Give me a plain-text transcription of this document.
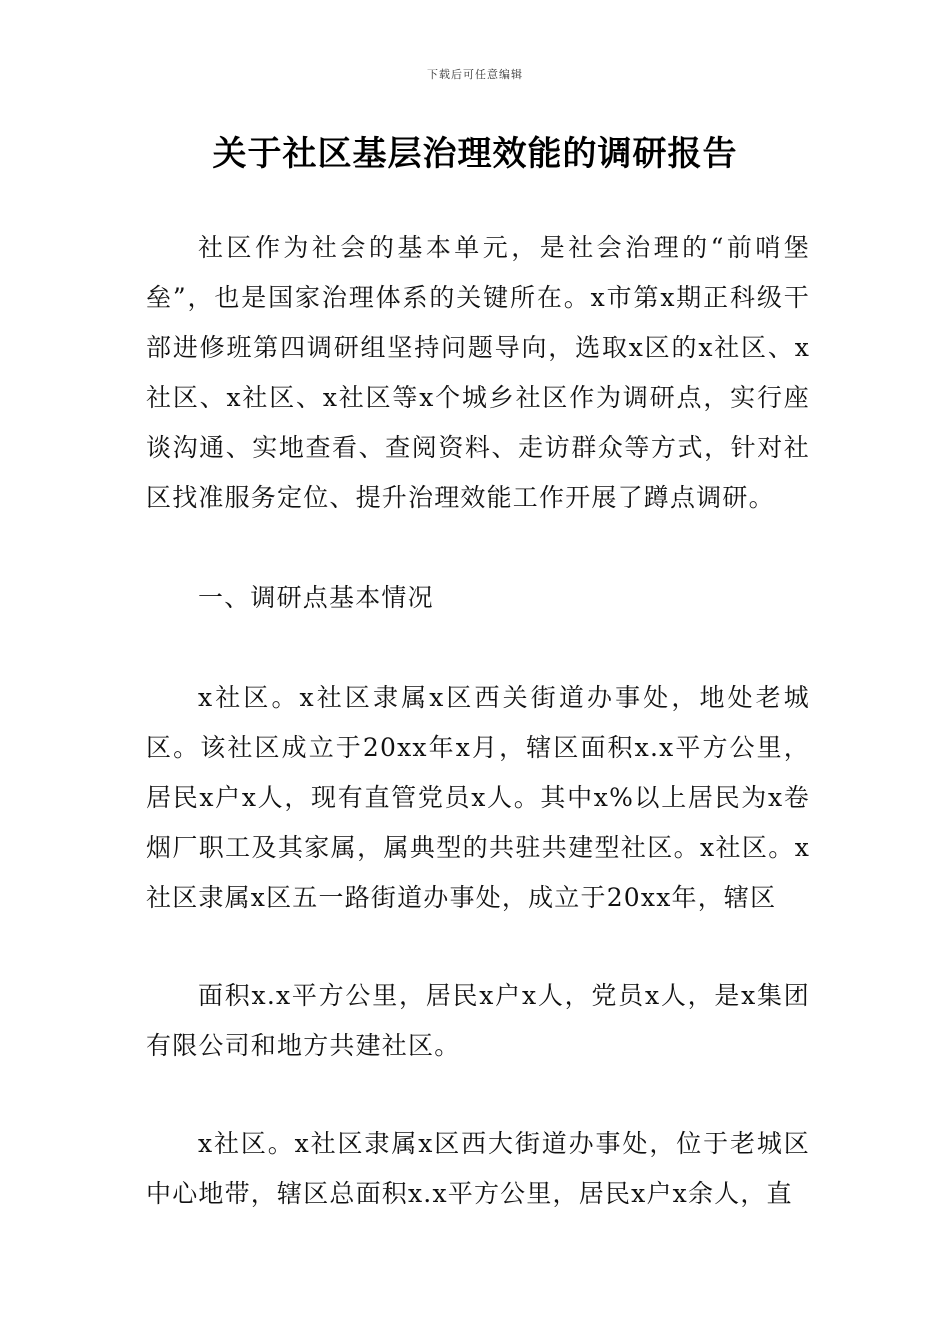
下载后可任意编辑
关于社区基层治理效能的调研报告

社区作为社会的基本单元，是社会治理的“前哨堡垒”，也是国家治理体系的关键所在。x市第x期正科级干部进修班第四调研组坚持问题导向，选取x区的x社区、x社区、x社区、x社区等x个城乡社区作为调研点，实行座谈沟通、实地查看、查阅资料、走访群众等方式，针对社区找准服务定位、提升治理效能工作开展了蹲点调研。

一、调研点基本情况

x社区。x社区隶属x区西关街道办事处，地处老城区。该社区成立于20xx年x月，辖区面积x.x平方公里，居民x户x人，现有直管党员x人。其中x%以上居民为x卷烟厂职工及其家属，属典型的共驻共建型社区。x社区。x社区隶属x区五一路街道办事处，成立于20xx年，辖区

面积x.x平方公里，居民x户x人，党员x人，是x集团有限公司和地方共建社区。

x社区。x社区隶属x区西大街道办事处，位于老城区中心地带，辖区总面积x.x平方公里，居民x户x余人，直
